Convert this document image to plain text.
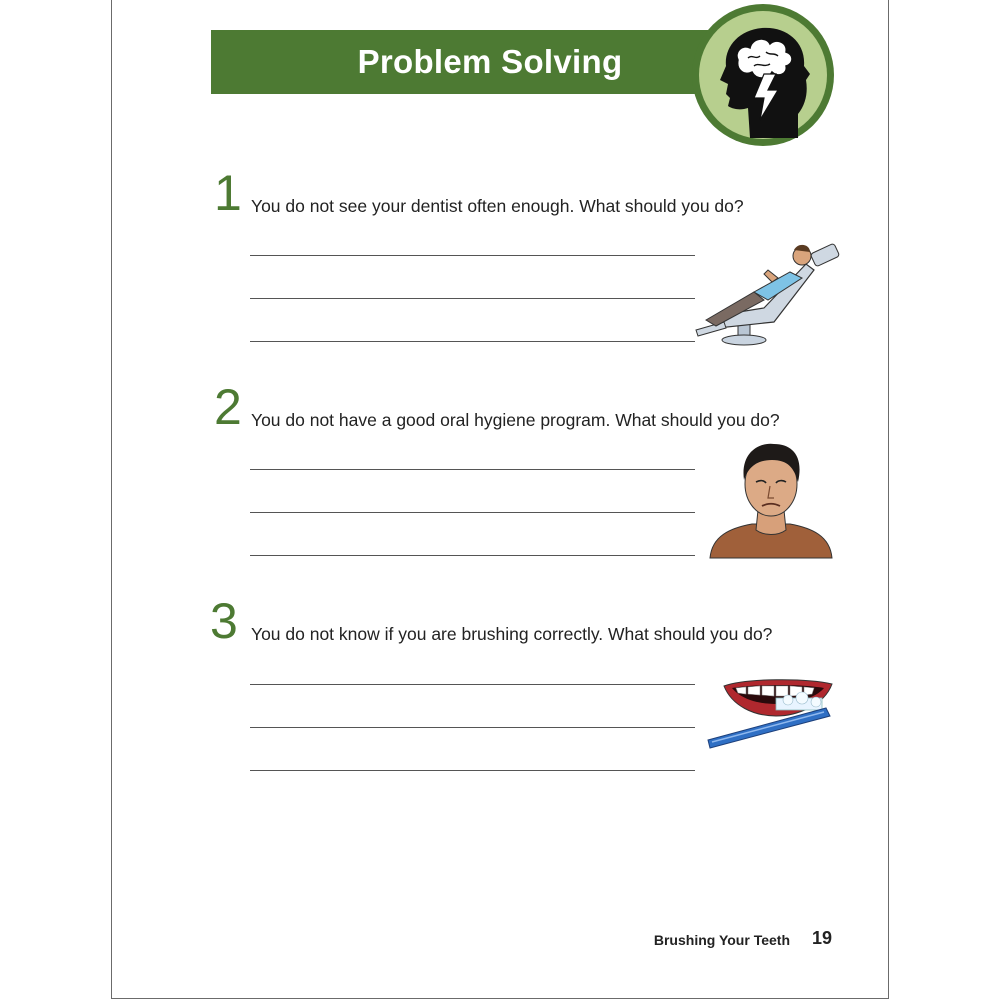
Problem Solving
1 You do not see your dentist often enough. What should you do?
2 You do not have a good oral hygiene program. What should you do?
3 You do not know if you are brushing correctly. What should you do?
Brushing Your Teeth 19
